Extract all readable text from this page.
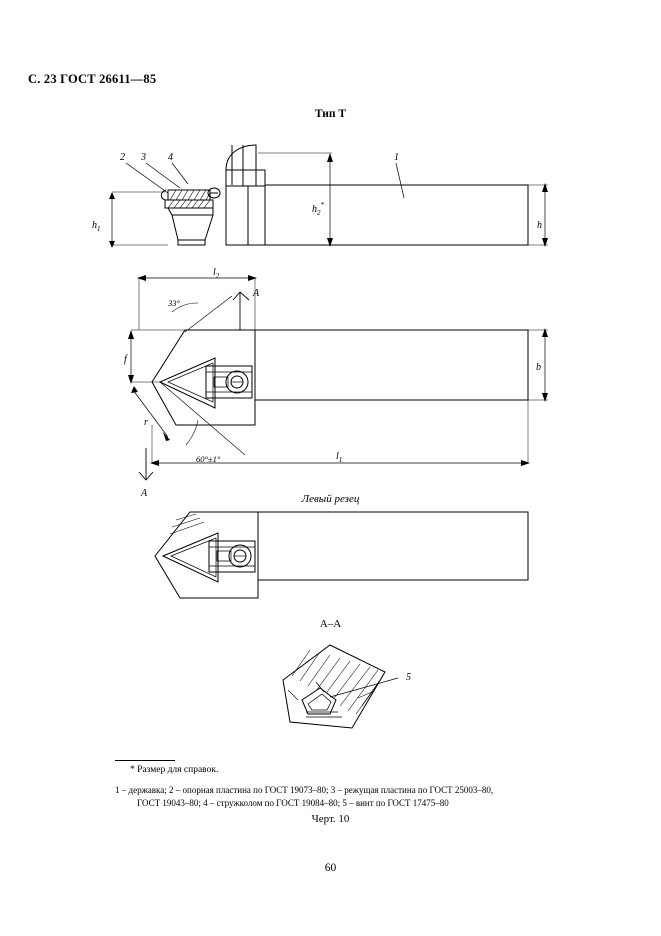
С. 23 ГОСТ 26611—85
Тип Т
2 3 4	1
5
$h_1$
$h_2^*$
h
b
f
r
$l_2$
$l_1$
33°
60°±1°
A
A	Левый резец
A–A
* Размер для справок.
1 – державка; 2 – опорная пластина по ГОСТ 19073–80; 3 – режущая пластина по ГОСТ 25003–80,
ГОСТ 19043–80; 4 – стружколом по ГОСТ 19084–80; 5 – винт по ГОСТ 17475–80
Черт. 10
60
